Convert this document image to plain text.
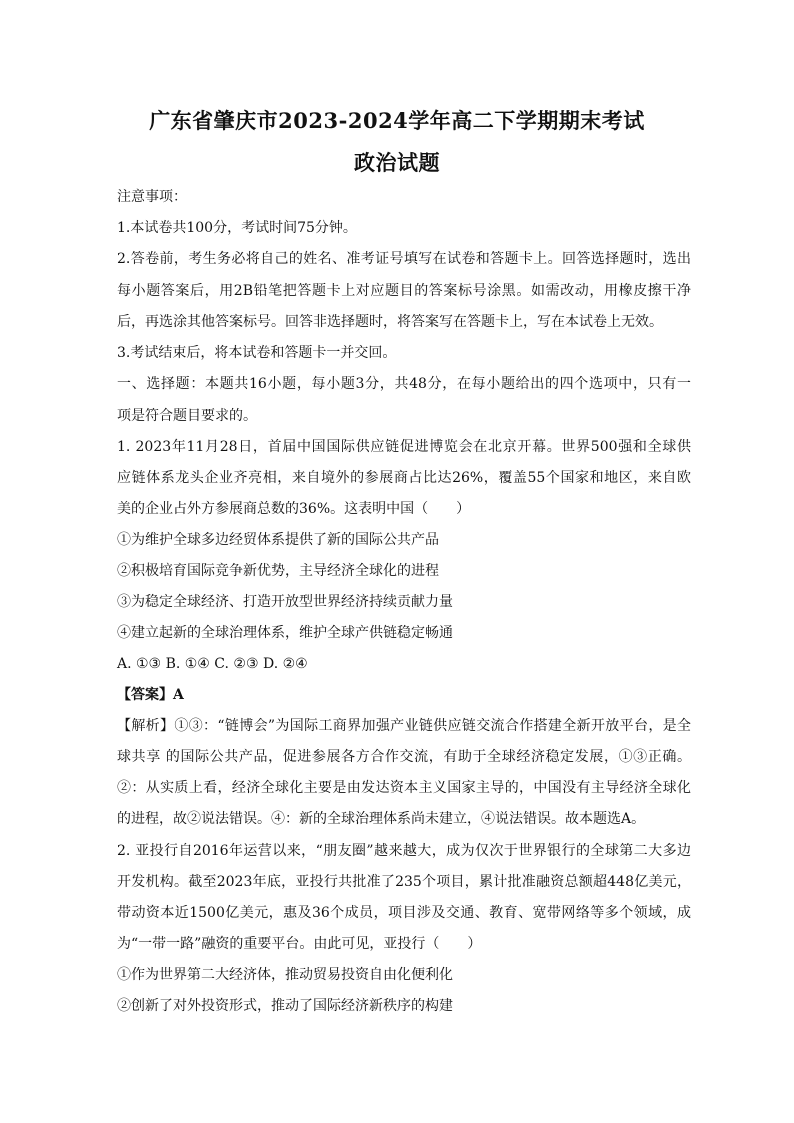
广东省肇庆市2023-2024学年高二下学期期末考试
政治试题
注意事项：
1.本试卷共100分，考试时间75分钟。
2.答卷前，考生务必将自己的姓名、准考证号填写在试卷和答题卡上。回答选择题时，选出
每小题答案后，用2B铅笔把答题卡上对应题目的答案标号涂黑。如需改动，用橡皮擦干净
后，再选涂其他答案标号。回答非选择题时，将答案写在答题卡上，写在本试卷上无效。
3.考试结束后，将本试卷和答题卡一并交回。
一、选择题：本题共16小题，每小题3分，共48分，在每小题给出的四个选项中，只有一
项是符合题目要求的。
1. 2023年11月28日，首届中国国际供应链促进博览会在北京开幕。世界500强和全球供
应链体系龙头企业齐亮相，来自境外的参展商占比达26%，覆盖55个国家和地区，来自欧
美的企业占外方参展商总数的36%。这表明中国（　　）
①为维护全球多边经贸体系提供了新的国际公共产品
②积极培育国际竞争新优势，主导经济全球化的进程
③为稳定全球经济、打造开放型世界经济持续贡献力量
④建立起新的全球治理体系，维护全球产供链稳定畅通
A. ①③ B. ①④ C. ②③ D. ②④
【答案】A
【解析】①③：“链博会”为国际工商界加强产业链供应链交流合作搭建全新开放平台，是全
球共享 的国际公共产品，促进参展各方合作交流，有助于全球经济稳定发展，①③正确。
②：从实质上看，经济全球化主要是由发达资本主义国家主导的，中国没有主导经济全球化
的进程，故②说法错误。④：新的全球治理体系尚未建立，④说法错误。故本题选A。
2. 亚投行自2016年运营以来，“朋友圈”越来越大，成为仅次于世界银行的全球第二大多边
开发机构。截至2023年底，亚投行共批准了235个项目，累计批准融资总额超448亿美元，
带动资本近1500亿美元，惠及36个成员，项目涉及交通、教育、宽带网络等多个领域，成
为“一带一路”融资的重要平台。由此可见，亚投行（　　）
①作为世界第二大经济体，推动贸易投资自由化便利化
②创新了对外投资形式，推动了国际经济新秩序的构建
